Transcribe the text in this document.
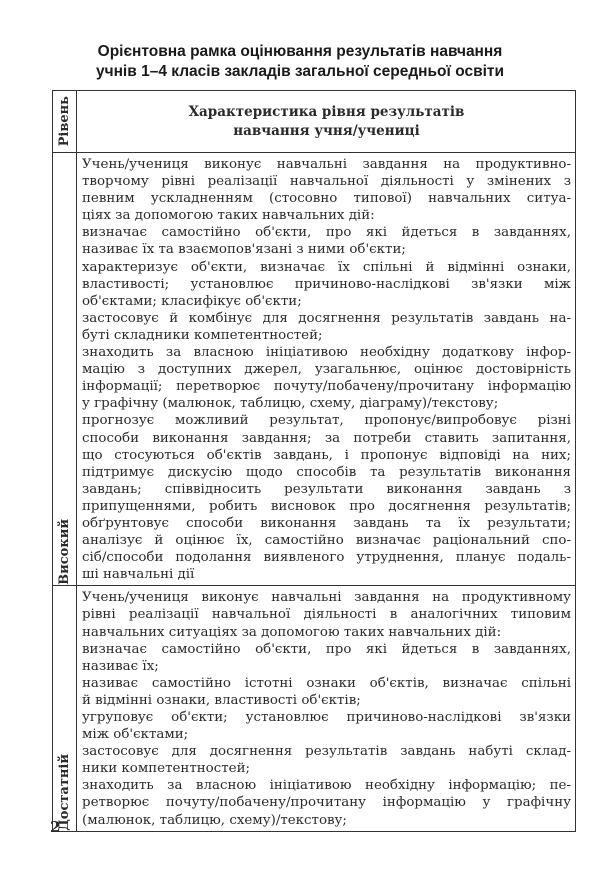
Орієнтовна рамка оцінювання результатів навчання
учнів 1–4 класів закладів загальної середньої освіти
Рівень	Характеристика рівня результатів
навчання учня/учениці
Високий
Учень/учениця виконує навчальні завдання на продуктивно-
творчому рівні реалізації навчальної діяльності у змінених з
певним ускладненням (стосовно типової) навчальних ситуа-
ціях за допомогою таких навчальних дій:
визначає самостійно об'єкти, про які йдеться в завданнях,
називає їх та взаємопов'язані з ними об'єкти;
характеризує об'єкти, визначає їх спільні й відмінні ознаки,
властивості; установлює причиново-наслідкові зв'язки між
об'єктами; класифікує об'єкти;
застосовує й комбінує для досягнення результатів завдань на-
буті складники компетентностей;
знаходить за власною ініціативою необхідну додаткову інфор-
мацію з доступних джерел, узагальнює, оцінює достовірність
інформації; перетворює почуту/побачену/прочитану інформацію
у графічну (малюнок, таблицю, схему, діаграму)/текстову;
прогнозує можливий результат, пропонує/випробовує різні
способи виконання завдання; за потреби ставить запитання,
що стосуються об'єктів завдань, і пропонує відповіді на них;
підтримує дискусію щодо способів та результатів виконання
завдань; співвідносить результати виконання завдань з
припущеннями, робить висновок про досягнення результатів;
обґрунтовує способи виконання завдань та їх результати;
аналізує й оцінює їх, самостійно визначає раціональний спо-
сіб/способи подолання виявленого утруднення, планує подаль-
ші навчальні дії
Достатній
Учень/учениця виконує навчальні завдання на продуктивному
рівні реалізації навчальної діяльності в аналогічних типовим
навчальних ситуаціях за допомогою таких навчальних дій:
визначає самостійно об'єкти, про які йдеться в завданнях,
називає їх;
називає самостійно істотні ознаки об'єктів, визначає спільні
й відмінні ознаки, властивості об'єктів;
угруповує об'єкти; установлює причиново-наслідкові зв'язки
між об'єктами;
застосовує для досягнення результатів завдань набуті склад-
ники компетентностей;
знаходить за власною ініціативою необхідну інформацію; пе-
ретворює почуту/побачену/прочитану інформацію у графічну
(малюнок, таблицю, схему)/текстову;
2
